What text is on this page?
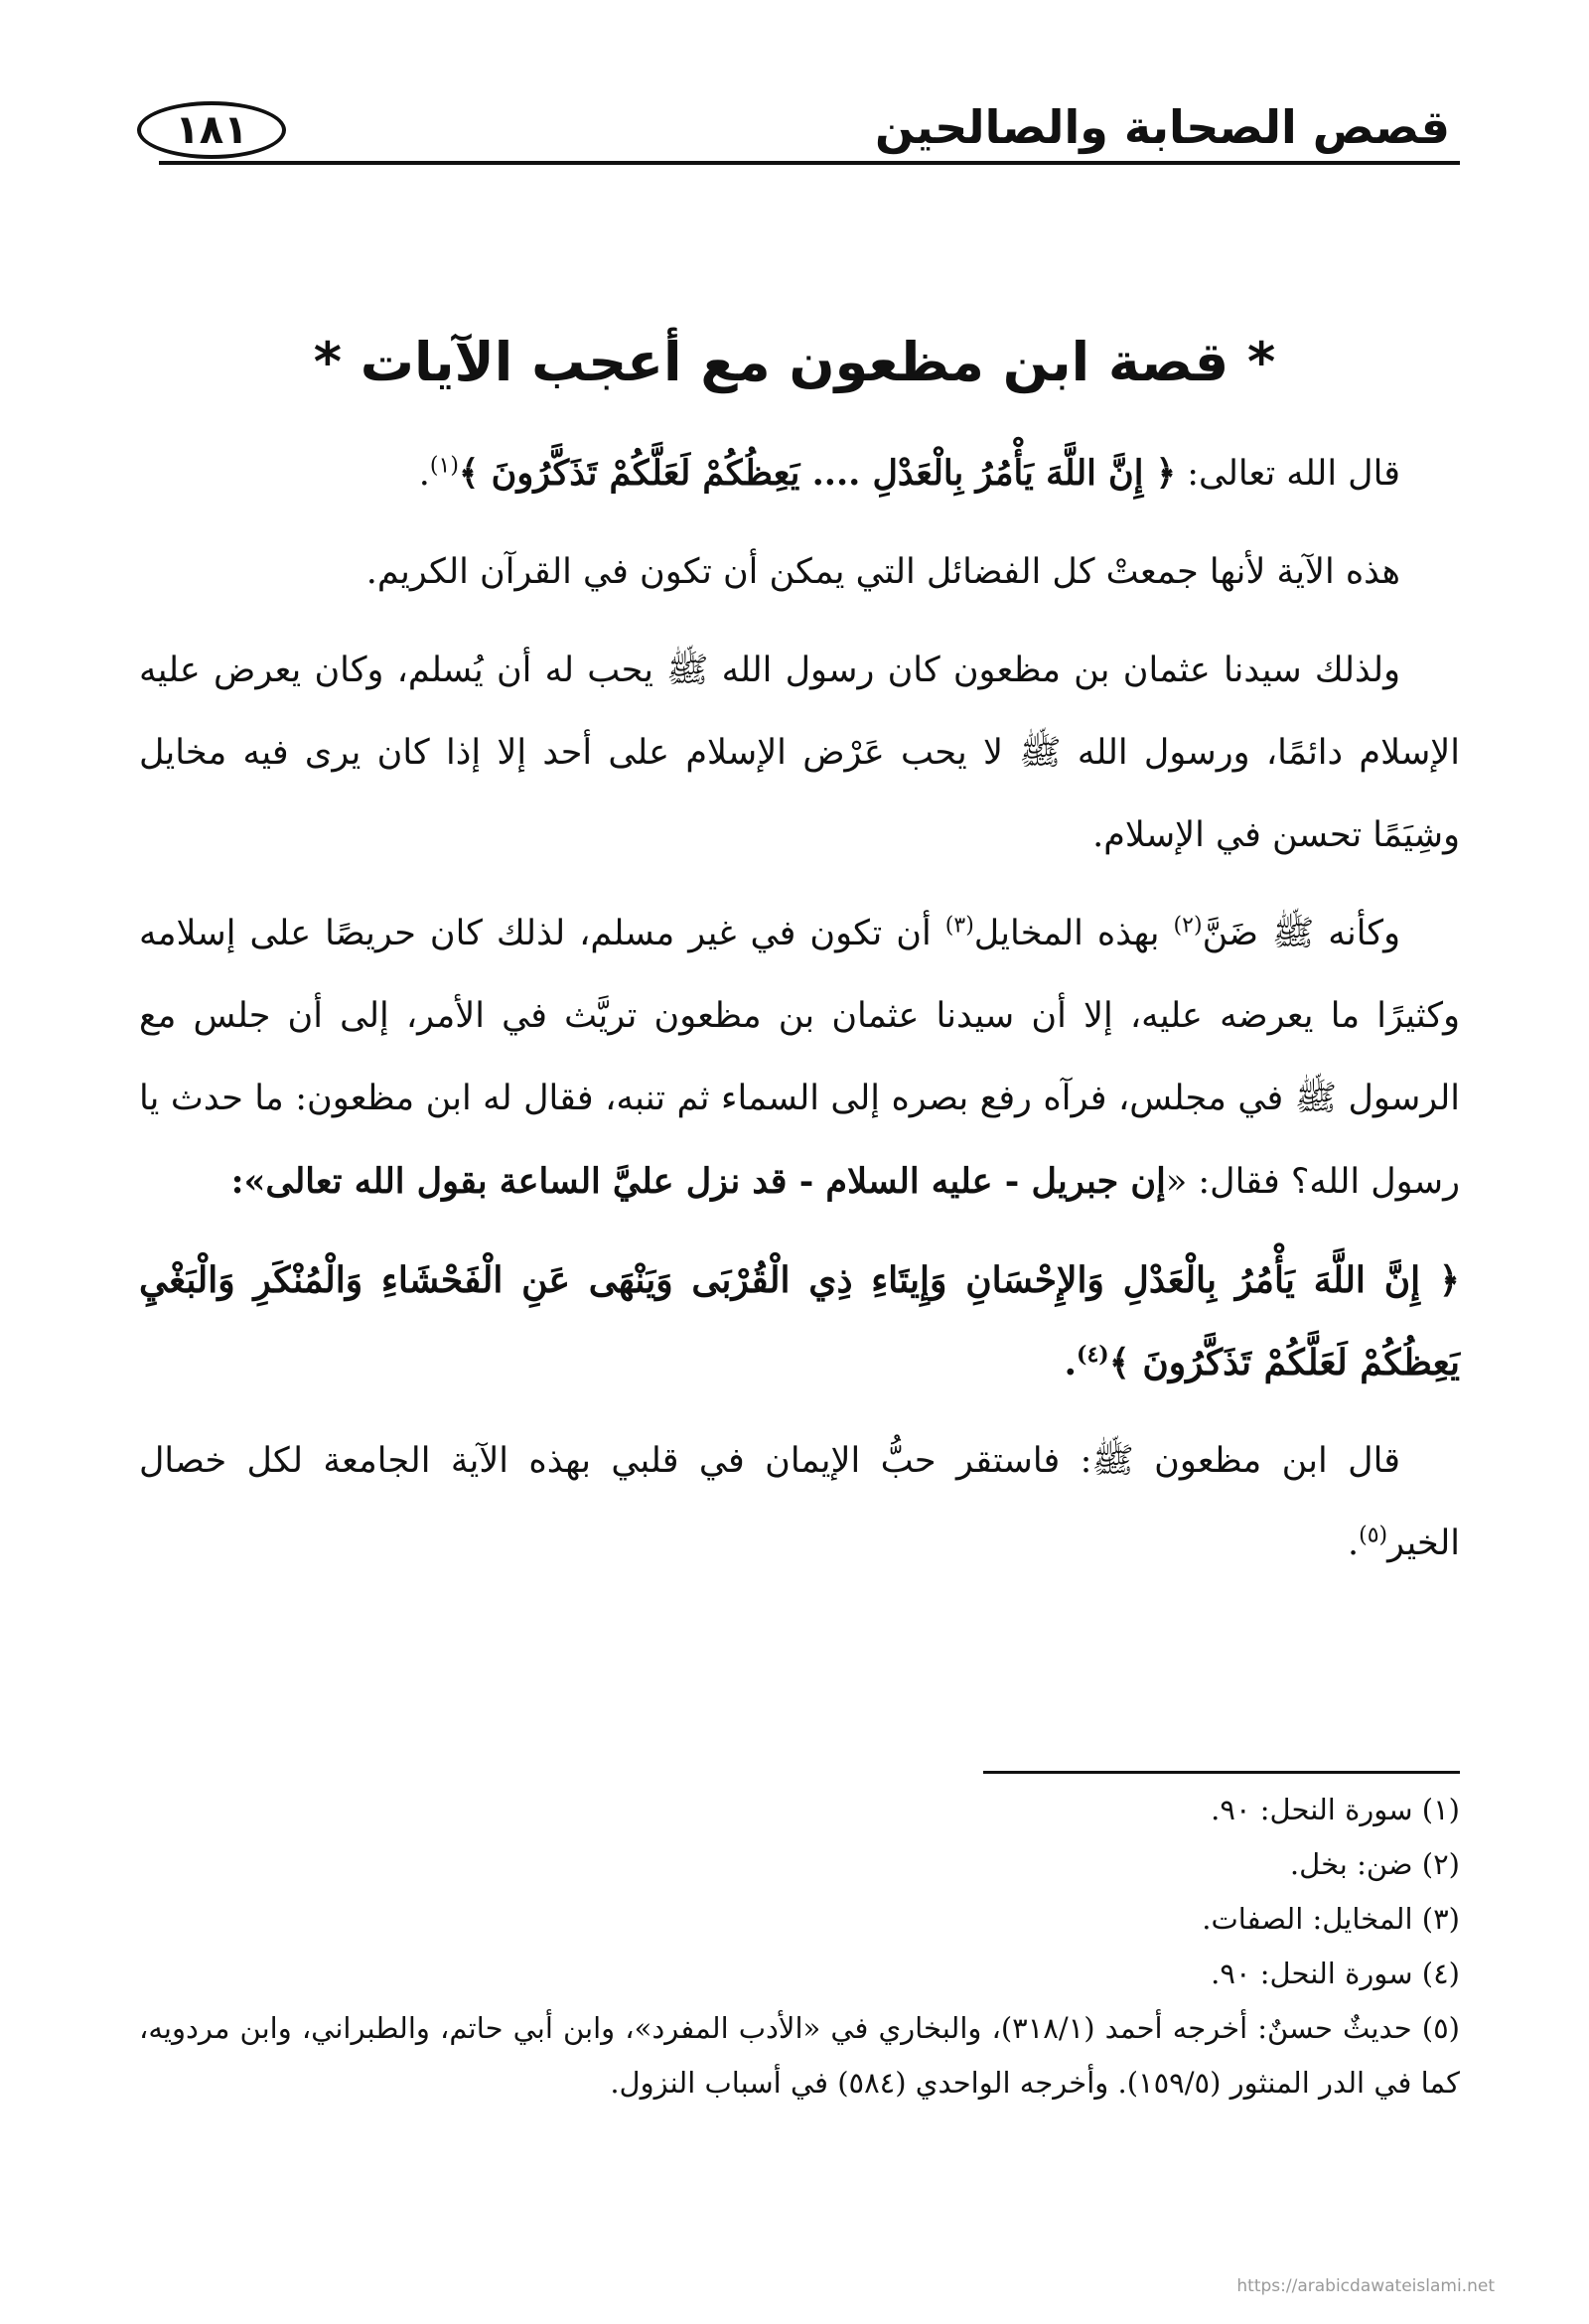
قصص الصحابة والصالحين
١٨١
* قصة ابن مظعون مع أعجب الآيات *

قال الله تعالى: ﴿ إِنَّ اللَّهَ يَأْمُرُ بِالْعَدْلِ .... يَعِظُكُمْ لَعَلَّكُمْ تَذَكَّرُونَ ﴾$^{(١)}$.

هذه الآية لأنها جمعتْ كل الفضائل التي يمكن أن تكون في القرآن الكريم.

ولذلك سيدنا عثمان بن مظعون كان رسول الله ﷺ يحب له أن يُسلم، وكان يعرض عليه الإسلام دائمًا، ورسول الله ﷺ لا يحب عَرْض الإسلام على أحد إلا إذا كان يرى فيه مخايل وشِيَمًا تحسن في الإسلام.

وكأنه ﷺ ضَنَّ$^{(٢)}$ بهذه المخايل$^{(٣)}$ أن تكون في غير مسلم، لذلك كان حريصًا على إسلامه وكثيرًا ما يعرضه عليه، إلا أن سيدنا عثمان بن مظعون تريَّث في الأمر، إلى أن جلس مع الرسول ﷺ في مجلس، فرآه رفع بصره إلى السماء ثم تنبه، فقال له ابن مظعون: ما حدث يا رسول الله؟ فقال: «إن جبريل - عليه السلام - قد نزل عليَّ الساعة بقول الله تعالى»:

﴿ إِنَّ اللَّهَ يَأْمُرُ بِالْعَدْلِ وَالإِحْسَانِ وَإِيتَاءِ ذِي الْقُرْبَى وَيَنْهَى عَنِ الْفَحْشَاءِ وَالْمُنْكَرِ وَالْبَغْيِ يَعِظُكُمْ لَعَلَّكُمْ تَذَكَّرُونَ ﴾$^{(٤)}$.

قال ابن مظعون ﷺ: فاستقر حبُّ الإيمان في قلبي بهذه الآية الجامعة لكل خصال الخير$^{(٥)}$.

(١) سورة النحل: ٩٠.

(٢) ضن: بخل.

(٣) المخايل: الصفات.

(٤) سورة النحل: ٩٠.

(٥) حديثٌ حسنٌ: أخرجه أحمد (٣١٨/١)، والبخاري في «الأدب المفرد»، وابن أبي حاتم، والطبراني، وابن مردويه، كما في الدر المنثور (١٥٩/٥). وأخرجه الواحدي (٥٨٤) في أسباب النزول.

https://arabicdawateislami.net
